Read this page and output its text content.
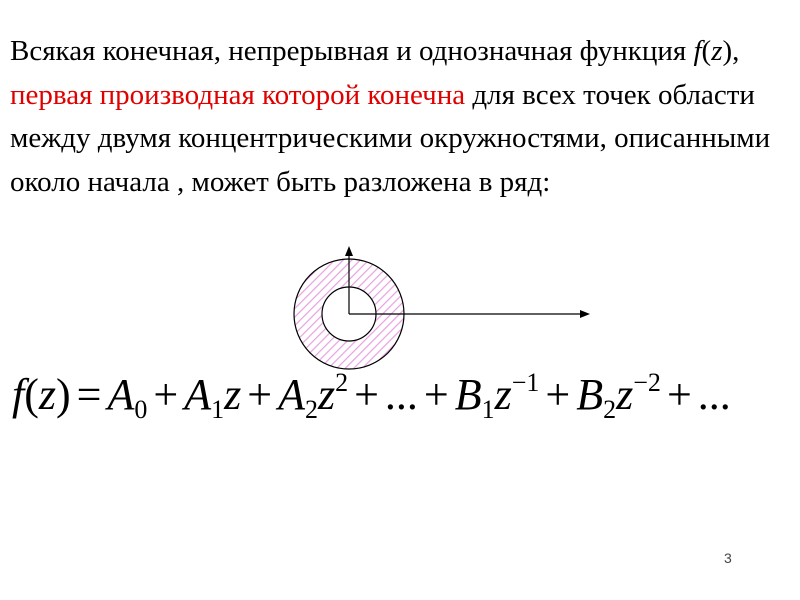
Всякая конечная, непрерывная и однозначная функция f(z), первая производная которой конечна для всех точек области между двумя концентрическими окружностями, описанными около начала , может быть разложена в ряд:
$f(z) = A_0 + A_1z + A_2z^2$ + ... + $B_1z^{-1} + B_2z^{-2}$ + ...
3
